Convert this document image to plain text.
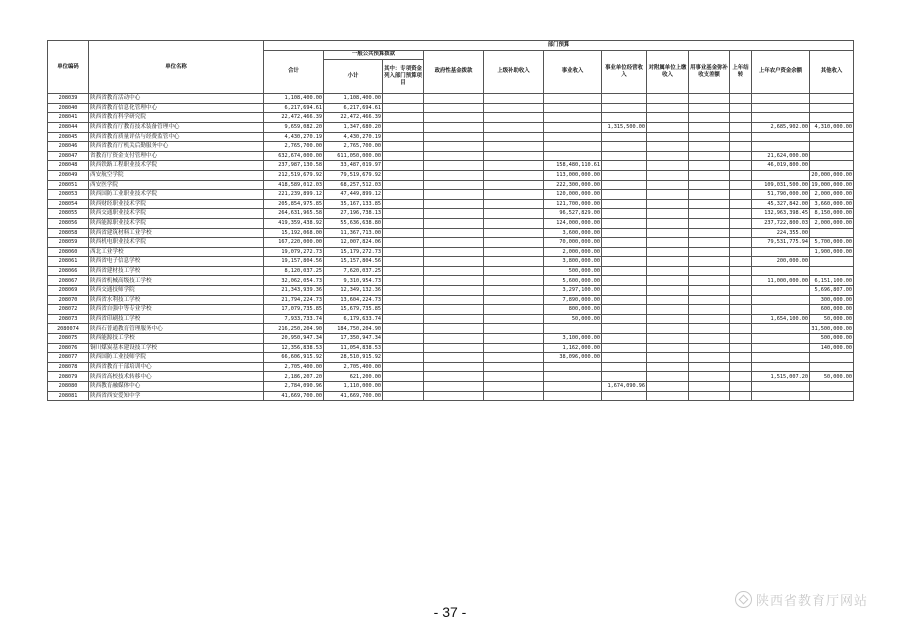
单位编码	单位名称	部门预算											
		合计	一般公共预算拨款		政府性基金拨款	上级补助收入	事业收入	事业单位经营收入	对附属单位上缴收入	用事业基金弥补收支差额	上年结转	上年农户资金余额	其他收入
			小计	其中：专项资金列入部门预算项目									
208039	陕西省教育活动中心	1,108,400.00	1,108,400.00										
208040	陕西省教育信息化管理中心	6,217,694.61	6,217,694.61										
208041	陕西省教育科学研究院	22,472,466.39	22,472,466.39										
208044	陕西省教育厅教育技术装备管理中心	9,659,082.20	1,347,680.20					1,315,500.00				2,685,902.00	4,310,000.00
208045	陕西省教育质量评估与经费监管中心	4,430,270.19	4,430,270.19										
208046	陕西省教育厅机关后勤服务中心	2,765,700.00	2,765,700.00										
208047	省教育厅资金支付管理中心	632,674,000.00	611,050,000.00									21,624,000.00	
208048	陕西铁路工程职业技术学院	237,987,130.58	33,487,019.97				158,480,110.61					46,019,800.00	
208049	西安航空学院	212,519,679.92	79,519,679.92				113,000,000.00						20,000,000.00
208051	西安医学院	418,589,012.03	68,257,512.03				222,300,000.00					109,031,500.00	19,000,000.00
208053	陕西国防工业职业技术学院	221,239,899.12	47,449,899.12				120,000,000.00					51,790,000.00	2,000,000.00
208054	陕西财经职业技术学院	205,854,975.85	35,167,133.85				121,700,000.00					45,327,842.00	3,660,000.00
208055	陕西交通职业技术学院	264,631,965.58	27,196,738.13				96,527,829.00					132,963,398.45	8,150,000.00
208056	陕西能源职业技术学院	419,359,438.92	55,636,638.80				124,000,000.00					237,722,800.03	2,000,000.00
208058	陕西省建筑材料工业学校	15,192,068.00	11,367,713.00				3,600,000.00					224,355.00	
208059	陕西机电职业技术学院	167,220,000.00	12,007,824.06				70,000,000.00					79,531,775.94	5,700,000.00
208060	西北工业学校	19,079,272.73	15,179,272.73				2,000,000.00						1,900,000.00
208061	陕西省电子信息学校	19,157,804.56	15,157,804.56				3,800,000.00					200,000.00	
208066	陕西省建材技工学校	8,120,037.25	7,620,037.25				500,000.00						
208067	陕西省机械高级技工学校	32,062,054.73	9,310,954.73				5,600,000.00					11,000,000.00	6,151,100.00
208069	陕西交通技师学院	21,343,939.36	12,349,132.36				3,297,100.00						5,696,807.00
208070	陕西省水利技工学校	21,794,224.73	13,604,224.73				7,890,000.00						300,000.00
208072	陕西省自强中等专业学校	17,079,735.85	15,679,735.85				800,000.00						600,000.00
208073	陕西省印刷技工学校	7,933,733.74	6,179,633.74				50,000.00					1,654,100.00	50,000.00
2080074	陕西石普通教育管理服务中心	216,250,204.90	184,750,204.90										31,500,000.00
208075	陕西能源技工学校	20,950,947.34	17,350,947.34				3,100,000.00						500,000.00
208076	铜川煤炭基本建设技工学校	12,356,838.53	11,054,838.53				1,162,000.00						140,000.00
208077	陕西国防工业技师学院	66,606,915.92	28,510,915.92				38,096,000.00						
208078	陕西省教育干部培训中心	2,705,400.00	2,705,400.00										
208079	陕西省高校技术转移中心	2,186,207.20	621,200.00									1,515,007.20	50,000.00
208080	陕西教育融媒体中心	2,784,090.96	1,110,000.00					1,674,090.96					
208081	陕西省西安爱知中学	41,669,700.00	41,669,700.00										
- 37 -
陕西省教育厅网站
